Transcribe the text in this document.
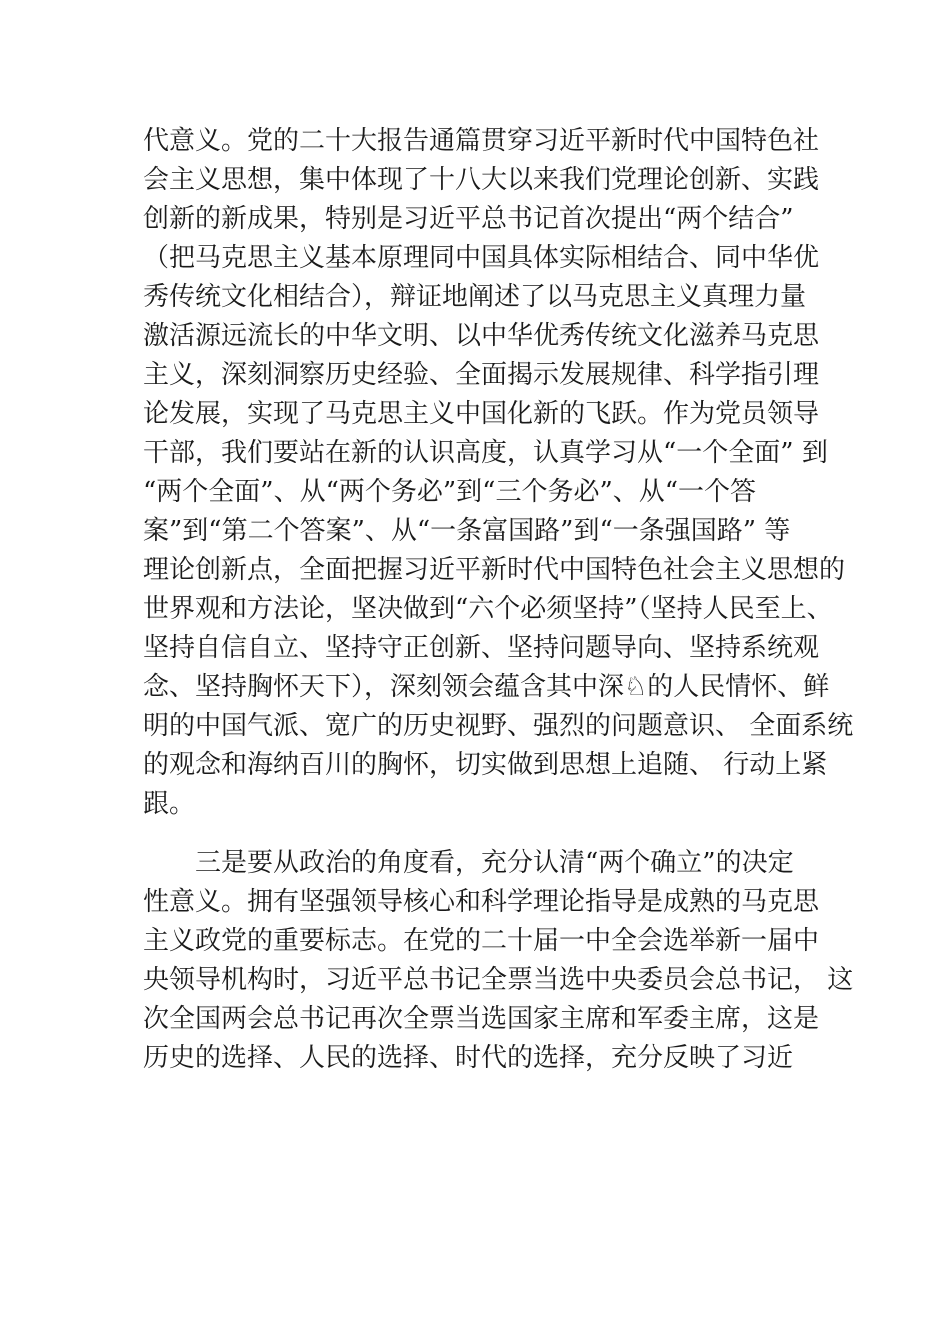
代意义。党的二十大报告通篇贯穿习近平新时代中国特色社
会主义思想，集中体现了十八大以来我们党理论创新、实践
创新的新成果，特别是习近平总书记首次提出“两个结合”
（把马克思主义基本原理同中国具体实际相结合、同中华优
秀传统文化相结合），辩证地阐述了以马克思主义真理力量
激活源远流长的中华文明、以中华优秀传统文化滋养马克思
主义，深刻洞察历史经验、全面揭示发展规律、科学指引理
论发展，实现了马克思主义中国化新的飞跃。作为党员领导
干部，我们要站在新的认识高度，认真学习从“一个全面” 到
“两个全面”、从“两个务必”到“三个务必”、从“一个答
案”到“第二个答案”、从“一条富国路”到“一条强国路” 等
理论创新点，全面把握习近平新时代中国特色社会主义思想的
世界观和方法论，坚决做到“六个必须坚持”（坚持人民至上、
坚持自信自立、坚持守正创新、坚持问题导向、坚持系统观
念、坚持胸怀天下），深刻领会蕴含其中深♘的人民情怀、鲜
明的中国气派、宽广的历史视野、强烈的问题意识、 全面系统
的观念和海纳百川的胸怀，切实做到思想上追随、 行动上紧
跟。
三是要从政治的角度看，充分认清“两个确立”的决定
性意义。拥有坚强领导核心和科学理论指导是成熟的马克思
主义政党的重要标志。在党的二十届一中全会选举新一届中
央领导机构时，习近平总书记全票当选中央委员会总书记， 这
次全国两会总书记再次全票当选国家主席和军委主席，这是
历史的选择、人民的选择、时代的选择，充分反映了习近
